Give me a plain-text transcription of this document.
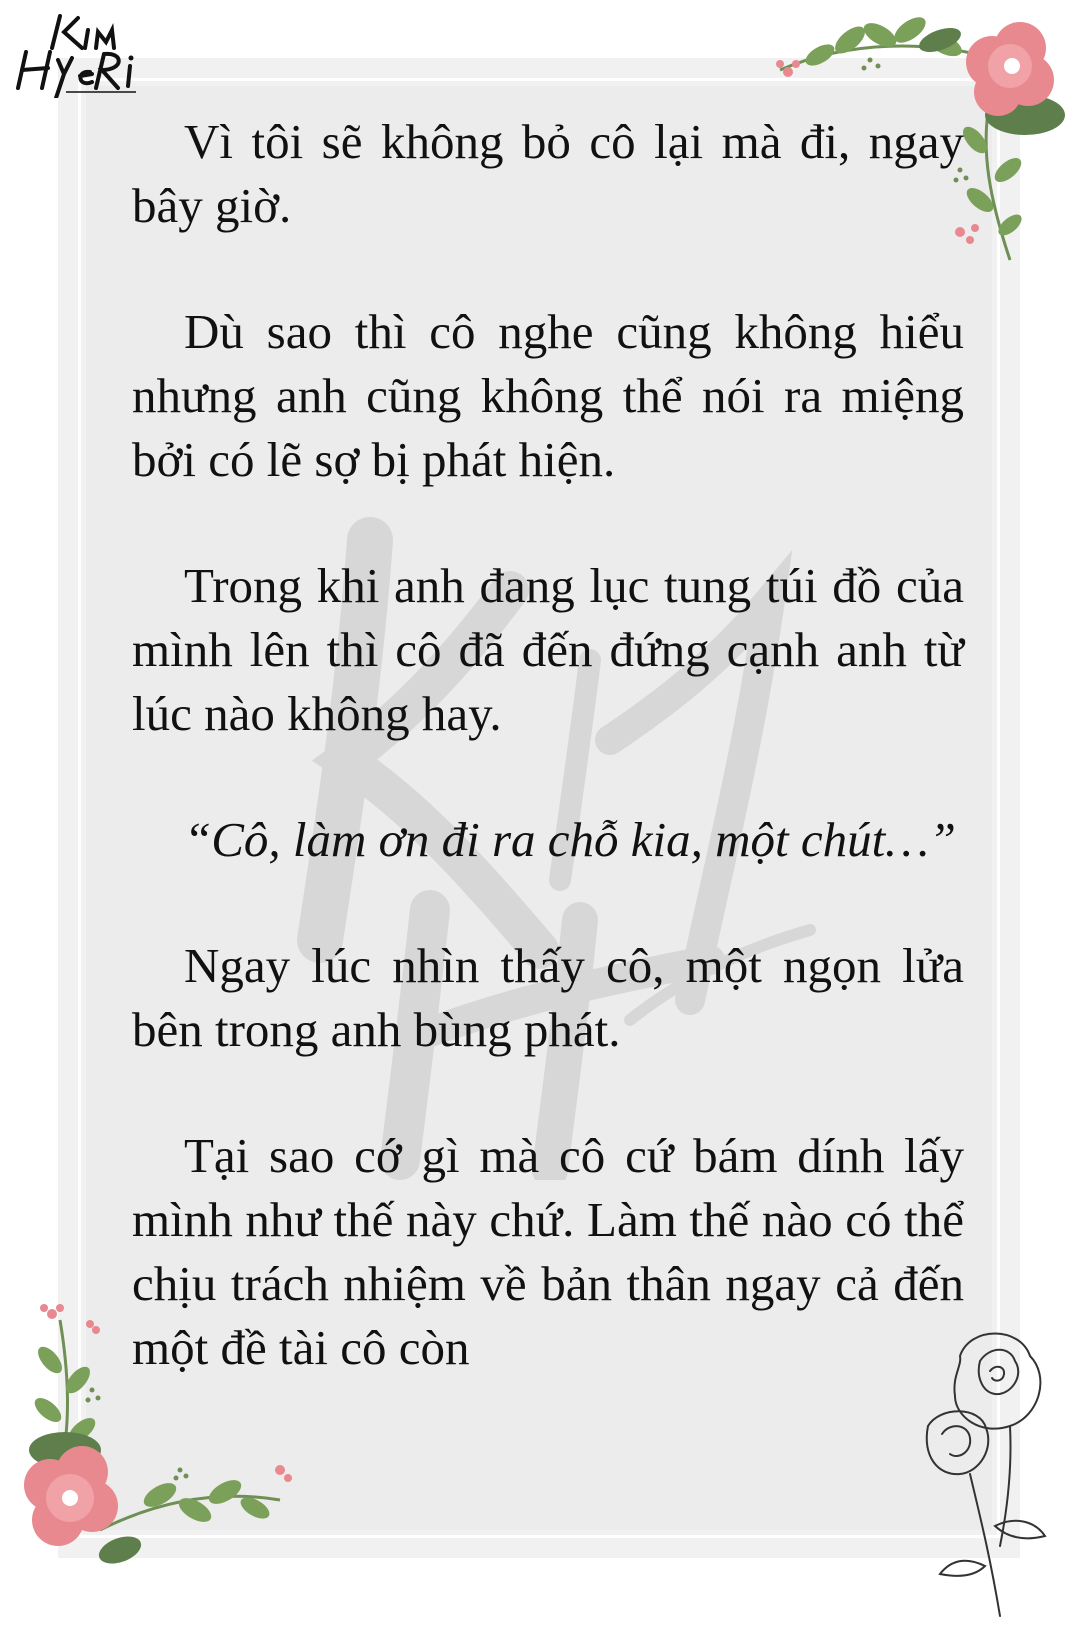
Vì tôi sẽ không bỏ cô lại mà đi, ngay bây giờ.

Dù sao thì cô nghe cũng không hiểu nhưng anh cũng không thể nói ra miệng bởi có lẽ sợ bị phát hiện.

Trong khi anh đang lục tung túi đồ của mình lên thì cô đã đến đứng cạnh anh từ lúc nào không hay.

“Cô, làm ơn đi ra chỗ kia, một chút…”

Ngay lúc nhìn thấy cô, một ngọn lửa bên trong anh bùng phát.

Tại sao cớ gì mà cô cứ bám dính lấy mình như thế này chứ. Làm thế nào có thể chịu trách nhiệm về bản thân ngay cả đến một đề tài cô còn
